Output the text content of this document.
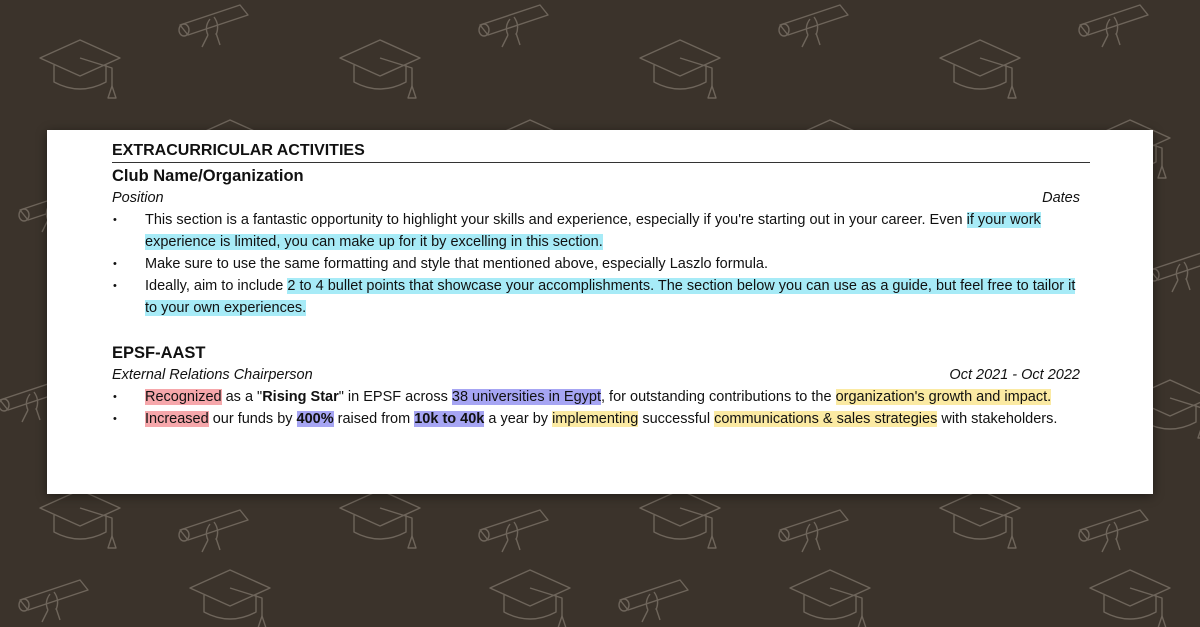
EXTRACURRICULAR ACTIVITIES
Club Name/Organization
Position	Dates
• This section is a fantastic opportunity to highlight your skills and experience, especially if you're starting out in your career. Even if your work experience is limited, you can make up for it by excelling in this section.
• Make sure to use the same formatting and style that mentioned above, especially Laszlo formula.
• Ideally, aim to include 2 to 4 bullet points that showcase your accomplishments. The section below you can use as a guide, but feel free to tailor it to your own experiences.
EPSF-AAST
External Relations Chairperson	Oct 2021 - Oct 2022
• Recognized as a "Rising Star" in EPSF across 38 universities in Egypt, for outstanding contributions to the organization's growth and impact.
• Increased our funds by 400% raised from 10k to 40k a year by implementing successful communications & sales strategies with stakeholders.
